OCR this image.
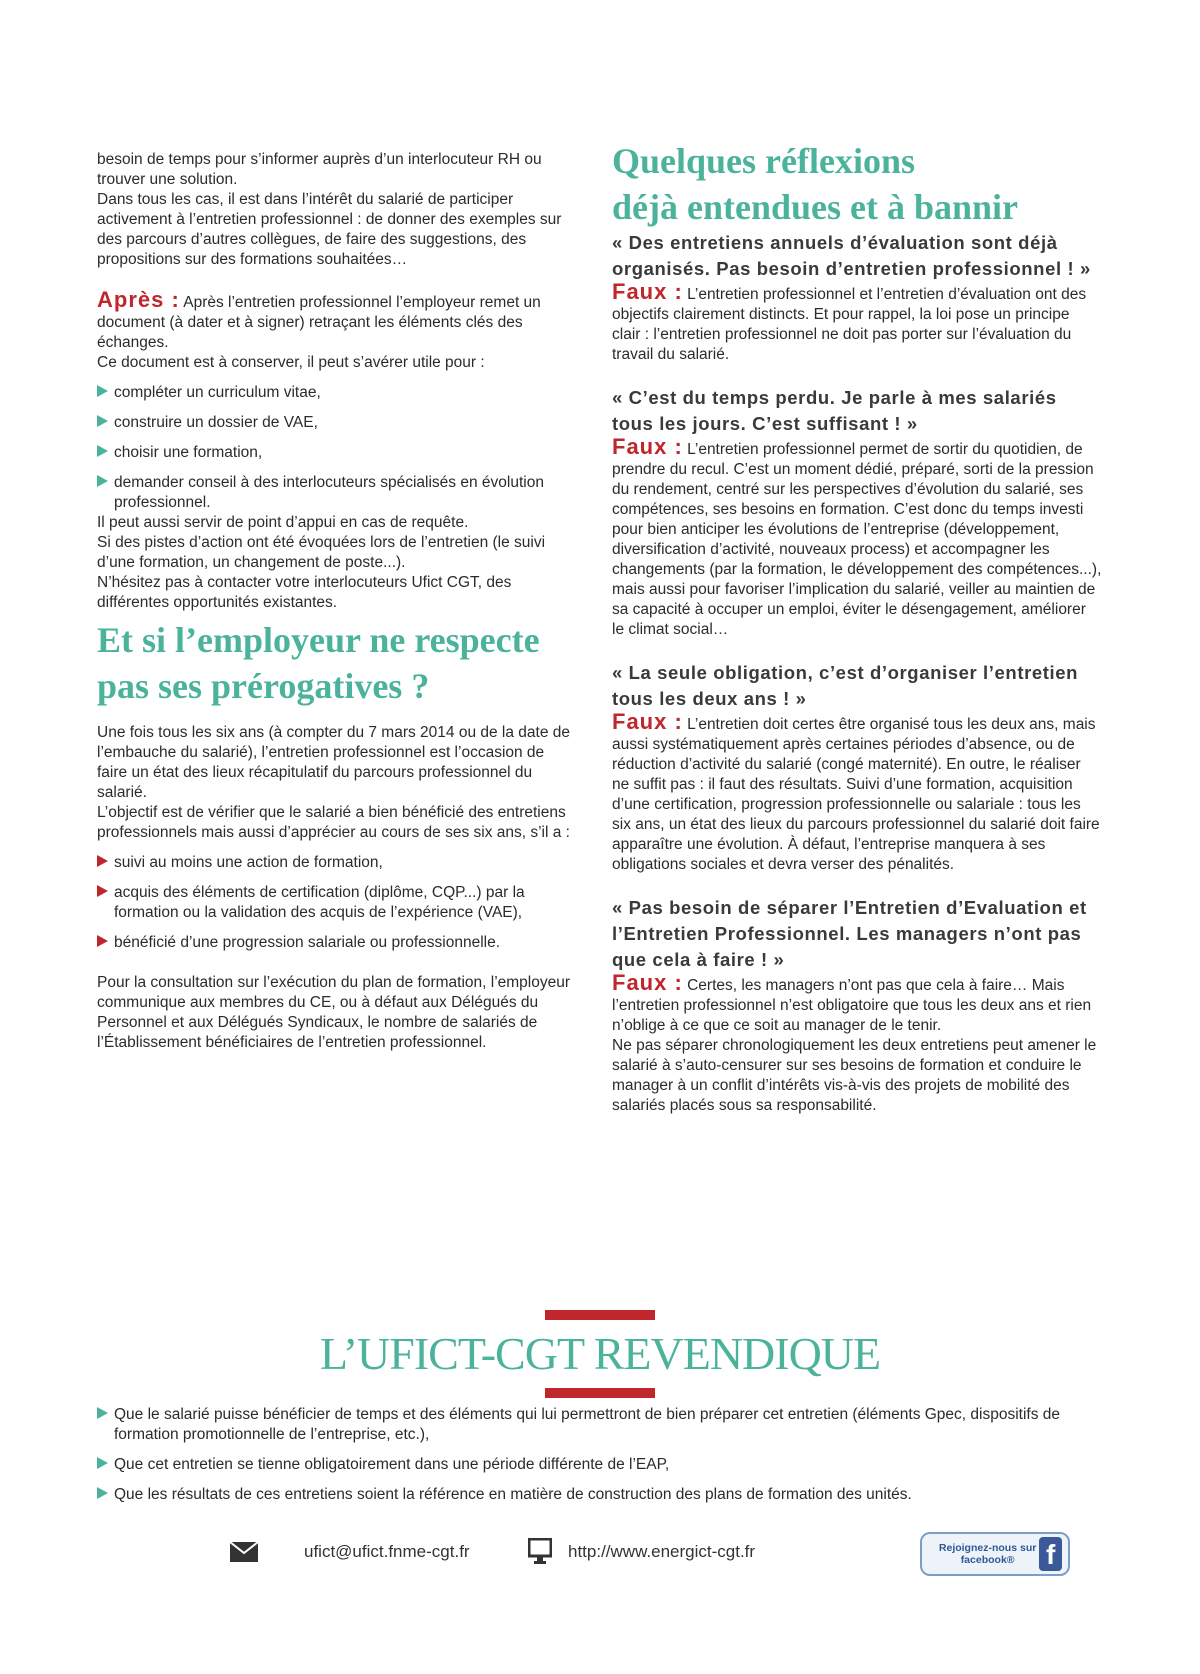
besoin de temps pour s’informer auprès d’un interlocuteur RH ou trouver une solution.

Dans tous les cas, il est dans l’intérêt du salarié de participer activement à l’entretien professionnel : de donner des exemples sur des parcours d’autres collègues, de faire des suggestions, des propositions sur des formations souhaitées…

Après : Après l’entretien professionnel l’employeur remet un document (à dater et à signer) retraçant les éléments clés des échanges.

Ce document est à conserver, il peut s’avérer utile pour :

compléter un curriculum vitae,
construire un dossier de VAE,
choisir une formation,
demander conseil à des interlocuteurs spécialisés en évolution professionnel.

Il peut aussi servir de point d’appui en cas de requête.

Si des pistes d’action ont été évoquées lors de l’entretien (le suivi d’une formation, un changement de poste...).

N’hésitez pas à contacter votre interlocuteurs Ufict CGT, des différentes opportunités existantes.

Et si l’employeur ne respecte pas ses prérogatives ?

Une fois tous les six ans (à compter du 7 mars 2014 ou de la date de l’embauche du salarié), l’entretien professionnel est l’occasion de faire un état des lieux récapitulatif du parcours professionnel du salarié.

L’objectif est de vérifier que le salarié a bien bénéficié des entretiens professionnels mais aussi d’apprécier au cours de ses six ans, s’il a :

suivi au moins une action de formation,
acquis des éléments de certification (diplôme, CQP...) par la formation ou la validation des acquis de l’expérience (VAE),
bénéficié d’une progression salariale ou professionnelle.

Pour la consultation sur l’exécution du plan de formation, l’employeur communique aux membres du CE, ou à défaut aux Délégués du Personnel et aux Délégués Syndicaux, le nombre de salariés de l’Établissement bénéficiaires de l’entretien professionnel.

Quelques réflexions
déjà entendues et à bannir

« Des entretiens annuels d’évaluation sont déjà organisés. Pas besoin d’entretien professionnel ! »

Faux : L’entretien professionnel et l’entretien d’évaluation ont des objectifs clairement distincts. Et pour rappel, la loi pose un principe clair : l’entretien professionnel ne doit pas porter sur l’évaluation du travail du salarié.

« C’est du temps perdu. Je parle à mes salariés tous les jours. C’est suffisant ! »

Faux : L’entretien professionnel permet de sortir du quotidien, de prendre du recul. C’est un moment dédié, préparé, sorti de la pression du rendement, centré sur les perspectives d’évolution du salarié, ses compétences, ses besoins en formation. C’est donc du temps investi pour bien anticiper les évolutions de l’entreprise (développement, diversification d’activité, nouveaux process) et accompagner les changements (par la formation, le développement des compétences...), mais aussi pour favoriser l’implication du salarié, veiller au maintien de sa capacité à occuper un emploi, éviter le désengagement, améliorer le climat social…

« La seule obligation, c’est d’organiser l’entretien tous les deux ans ! »

Faux : L’entretien doit certes être organisé tous les deux ans, mais aussi systématiquement après certaines périodes d’absence, ou de réduction d’activité du salarié (congé maternité). En outre, le réaliser ne suffit pas : il faut des résultats. Suivi d’une formation, acquisition d’une certification, progression professionnelle ou salariale : tous les six ans, un état des lieux du parcours professionnel du salarié doit faire apparaître une évolution. À défaut, l’entreprise manquera à ses obligations sociales et devra verser des pénalités.

« Pas besoin de séparer l’Entretien d’Evaluation et l’Entretien Professionnel. Les managers n’ont pas que cela à faire ! »

Faux : Certes, les managers n’ont pas que cela à faire… Mais l’entretien professionnel n’est obligatoire que tous les deux ans et rien n’oblige à ce que ce soit au manager de le tenir.

Ne pas séparer chronologiquement les deux entretiens peut amener le salarié à s’auto-censurer sur ses besoins de formation et conduire le manager à un conflit d’intérêts vis-à-vis des projets de mobilité des salariés placés sous sa responsabilité.

L’UFICT-CGT REVENDIQUE
Que le salarié puisse bénéficier de temps et des éléments qui lui permettront de bien préparer cet entretien (éléments Gpec, dispositifs de formation promotionnelle de l’entreprise, etc.),
Que cet entretien se tienne obligatoirement dans une période différente de l’EAP,
Que les résultats de ces entretiens soient la référence en matière de construction des plans de formation des unités.
ufict@ufict.fnme-cgt.fr	http://www.energict-cgt.fr	Rejoignez-nous sur facebook®	f
